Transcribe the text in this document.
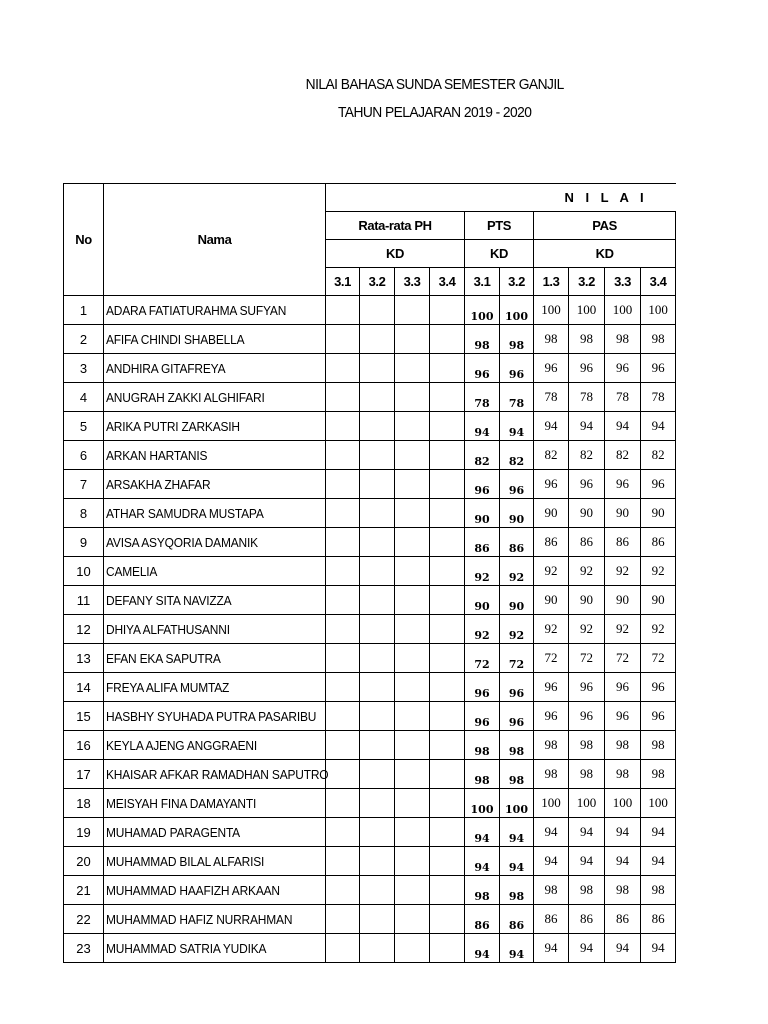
NILAI BAHASA SUNDA SEMESTER GANJIL
TAHUN PELAJARAN 2019 - 2020
No	Nama	N I L A I									
		Rata-rata PH				PTS		PAS			
		KD				KD		KD			
		3.1	3.2	3.3	3.4	3.1	3.2	1.3	3.2	3.3	3.4
1	ADARA FATIATURAHMA SUFYAN					100	100	100	100	100	100
2	AFIFA CHINDI SHABELLA					98	98	98	98	98	98
3	ANDHIRA GITAFREYA					96	96	96	96	96	96
4	ANUGRAH ZAKKI ALGHIFARI					78	78	78	78	78	78
5	ARIKA PUTRI ZARKASIH					94	94	94	94	94	94
6	ARKAN HARTANIS					82	82	82	82	82	82
7	ARSAKHA ZHAFAR					96	96	96	96	96	96
8	ATHAR SAMUDRA MUSTAPA					90	90	90	90	90	90
9	AVISA ASYQORIA DAMANIK					86	86	86	86	86	86
10	CAMELIA					92	92	92	92	92	92
11	DEFANY SITA NAVIZZA					90	90	90	90	90	90
12	DHIYA ALFATHUSANNI					92	92	92	92	92	92
13	EFAN EKA SAPUTRA					72	72	72	72	72	72
14	FREYA ALIFA MUMTAZ					96	96	96	96	96	96
15	HASBHY SYUHADA PUTRA PASARIBU					96	96	96	96	96	96
16	KEYLA AJENG ANGGRAENI					98	98	98	98	98	98
17	KHAISAR AFKAR RAMADHAN SAPUTRO					98	98	98	98	98	98
18	MEISYAH FINA DAMAYANTI					100	100	100	100	100	100
19	MUHAMAD PARAGENTA					94	94	94	94	94	94
20	MUHAMMAD BILAL ALFARISI					94	94	94	94	94	94
21	MUHAMMAD HAAFIZH ARKAAN					98	98	98	98	98	98
22	MUHAMMAD HAFIZ NURRAHMAN					86	86	86	86	86	86
23	MUHAMMAD SATRIA YUDIKA					94	94	94	94	94	94
